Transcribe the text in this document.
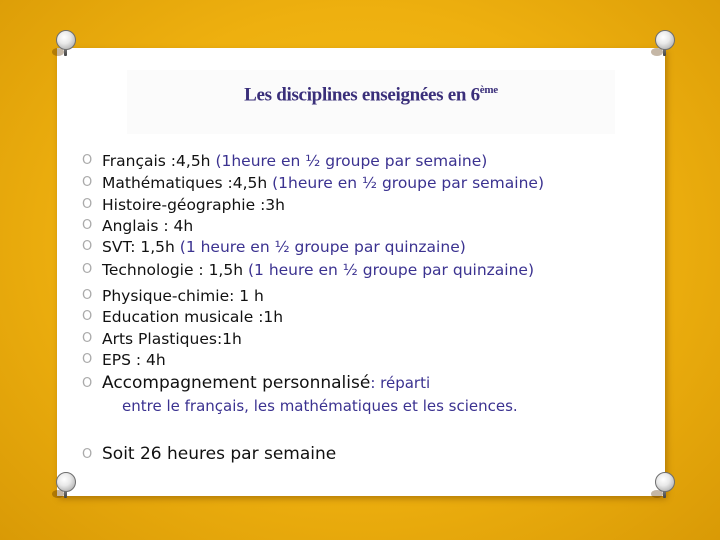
Les disciplines enseignées en 6ème
O Français :4,5h (1heure en ½ groupe par semaine)
O Mathématiques :4,5h (1heure en ½ groupe par semaine)
O Histoire-géographie :3h
O Anglais : 4h
O SVT: 1,5h (1 heure en ½ groupe par quinzaine)
O Technologie : 1,5h (1 heure en ½ groupe par quinzaine)
O Physique-chimie: 1 h
O Education musicale :1h
O Arts Plastiques:1h
O EPS : 4h
O Accompagnement personnalisé: réparti
entre le français, les mathématiques et les sciences.
O Soit 26 heures par semaine
